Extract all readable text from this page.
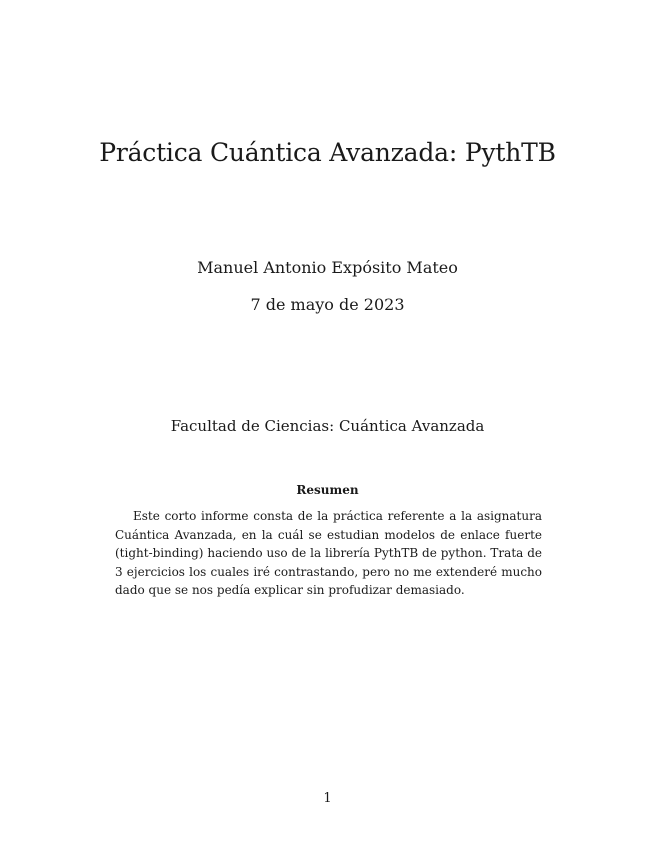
Práctica Cuántica Avanzada: PythTB
Manuel Antonio Expósito Mateo
7 de mayo de 2023
Facultad de Ciencias: Cuántica Avanzada
Resumen

Este corto informe consta de la práctica referente a la asignatura Cuántica Avanzada, en la cuál se estudian modelos de enlace fuerte (tight-binding) haciendo uso de la librería PythTB de python. Trata de 3 ejercicios los cuales iré contrastando, pero no me extenderé mucho dado que se nos pedía explicar sin profudizar demasiado.

1
